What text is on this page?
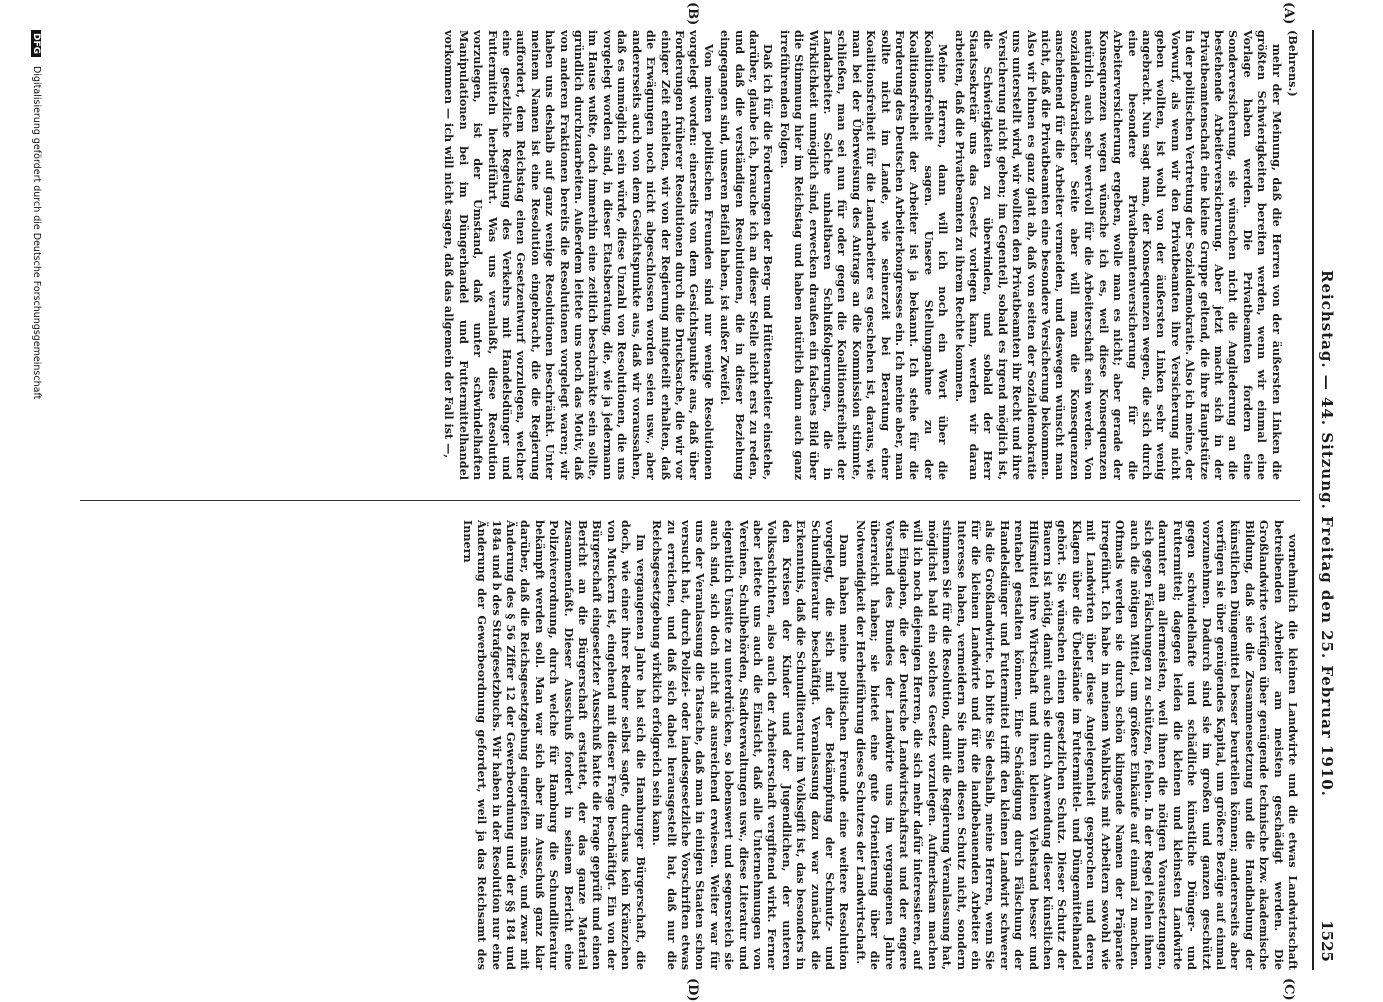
Reichstag. — 44. Sitzung. Freitag den 25. Februar 1910.
1525
(A)
(B)
(C)
(D)

(Behrens.)

mehr der Meinung, daß die Herren von der äußersten Linken die größten Schwierigkeiten bereiten werden, wenn wir einmal eine Vorlage haben werden. Die Privatbeamten fordern eine Sonderversicherung, sie wünschen nicht die Angliederung an die bestehende Arbeiterversicherung. Aber jetzt macht sich in der Privatbeamtenschaft eine kleine Gruppe geltend, die ihre Hauptstütze in der politischen Vertretung der Sozialdemokratie. Also ich meine, der Vorwurf, als wenn wir den Privatbeamten ihre Versicherung nicht geben wollten, ist wohl von der äußersten Linken sehr wenig angebracht. Nun sagt man, der Konsequenzen wegen, die sich durch eine besondere Privatbeamtenversicherung für die Arbeiterversicherung ergeben, wolle man es nicht; aber gerade der Konsequenzen wegen wünsche ich es, weil diese Konsequenzen natürlich auch sehr wertvoll für die Arbeiterschaft sein werden. Von sozialdemokratischer Seite aber will man die Konsequenzen anscheinend für die Arbeiter vermeiden, und deswegen wünscht man nicht, daß die Privatbeamten eine besondere Versicherung bekommen. Also wir lehnen es ganz glatt ab, daß von seiten der Sozialdemokratie uns unterstellt wird, wir wollten den Privatbeamten ihr Recht und ihre Versicherung nicht geben; im Gegenteil, sobald es irgend möglich ist, die Schwierigkeiten zu überwinden, und sobald der Herr Staatssekretär uns das Gesetz vorlegen kann, werden wir daran arbeiten, daß die Privatbeamten zu ihrem Rechte kommen.

Meine Herren, dann will ich noch ein Wort über die Koalitionsfreiheit sagen. Unsere Stellungnahme zu der Koalitionsfreiheit der Arbeiter ist ja bekannt. Ich stehe für die Forderung des Deutschen Arbeiterkongresses ein. Ich meine aber, man sollte nicht im Lande, wie seinerzeit bei Beratung einer Koalitionsfreiheit für die Landarbeiter es geschehen ist, daraus, wie man bei der Überweisung des Antrags an die Kommission stimmte, schließen, man sei nun für oder gegen die Koalitionsfreiheit der Landarbeiter. Solche unhaltbaren Schlußfolgerungen, die in Wirklichkeit unmöglich sind, erwecken draußen ein falsches Bild über die Stimmung hier im Reichstag und haben natürlich dann auch ganz irreführenden Folgen.

Daß ich für die Forderungen der Berg- und Hüttenarbeiter einstehe, darüber, glaube ich, brauche ich an dieser Stelle nicht erst zu reden, und daß die verständigen Resolutionen, die in dieser Beziehung eingegangen sind, unseren Beifall haben, ist außer Zweifel.

Von meinen politischen Freunden sind nur wenige Resolutionen vorgelegt worden: einerseits von dem Gesichtspunkte aus, daß über Forderungen früherer Resolutionen durch die Drucksache, die wir vor einiger Zeit erhielten, wir von der Regierung mitgeteilt erhalten, daß die Erwägungen noch nicht abgeschlossen worden seien usw., aber andererseits auch von dem Gesichtspunkte aus, daß wir voraussahen, daß es unmöglich sein würde, diese Unzahl von Resolutionen, die uns vorgelegt worden sind, in dieser Etatsberatung, die, wie ja jedermann im Hause wußte, doch immerhin eine zeitlich beschränkte sein sollte, gründlich durchzuarbeiten. Außerdem leitete uns noch das Motiv, daß von anderen Fraktionen bereits die Resolutionen vorgelegt waren; wir haben uns deshalb auf ganz wenige Resolutionen beschränkt. Unter meinem Namen ist eine Resolution eingebracht, die die Regierung auffordert, dem Reichstag einen Gesetzentwurf vorzulegen, welcher eine gesetzliche Regelung des Verkehrs mit Handelsdünger und Futtermitteln herbeiführt. Was uns veranlaßt, diese Resolution vorzulegen, ist der Umstand, daß unter schwindelhaften Manipulationen bei im Düngerhandel und Futtermittelhandel vorkommen — ich will nicht sagen, daß das allgemein der Fall ist —,

vornehmlich die kleinen Landwirte und die etwas Landwirtschaft betreibenden Arbeiter am meisten geschädigt werden. Die Großlandwirte verfügen über genügende technische bzw. akademische Bildung, daß sie die Zusammensetzung und die Handhabung der künstlichen Düngemittel besser beurteilen können; andererseits aber verfügen sie über genügendes Kapital, um größere Bezüge auf einmal vorzunehmen. Dadurch sind sie im großen und ganzen geschützt gegen schwindelhafte und schädliche künstliche Dünger- und Futtermittel; dagegen leiden die kleinen und kleinsten Landwirte darunter am allermeisten, weil ihnen die nötigen Voraussetzungen, sich gegen Fälschungen zu schützen, fehlen. In der Regel fehlen ihnen auch die nötigen Mittel, um größere Einkäufe auf einmal zu machen. Oftmals werden sie durch schön klingende Namen der Präparate irregeführt. Ich habe in meinem Wahlkreis mit Arbeitern sowohl wie mit Landwirten über diese Angelegenheit gesprochen und deren Klagen über die Übelstände im Futtermittel- und Düngemittelhandel gehört. Sie wünschen einen gesetzlichen Schutz. Dieser Schutz der Bauern ist nötig, damit auch sie durch Anwendung dieser künstlichen Hilfsmittel ihre Wirtschaft und ihren kleinen Viehstand besser und rentabel gestalten können. Eine Schädigung durch Fälschung der Handelsdünger und Futtermittel trifft den kleinen Landwirt schwerer als die Großlandwirte. Ich bitte Sie deshalb, meine Herren, wenn Sie für die kleinen Landwirte und für die landbebauenden Arbeiter ein Interesse haben, vermeidern Sie ihnen diesen Schutz nicht, sondern stimmen Sie für die Resolution, damit die Regierung Veranlassung hat, möglichst bald ein solches Gesetz vorzulegen. Aufmerksam machen will ich noch diejenigen Herren, die sich mehr dafür interessieren, auf die Eingaben, die der Deutsche Landwirtschaftsrat und der engere Vorstand des Bundes der Landwirte uns im vergangenen Jahre überreicht haben; sie bietet eine gute Orientierung über die Notwendigkeit der Herbeiführung dieses Schutzes der Landwirtschaft.

Dann haben meine politischen Freunde eine weitere Resolution vorgelegt, die sich mit der Bekämpfung der Schmutz- und Schundliteratur beschäftigt. Veranlassung dazu war zunächst die Erkenntnis, daß die Schundliteratur im Volksgift ist, das besonders in den Kreisen der Kinder und der Jugendlichen, der unteren Volksschichten, also auch der Arbeiterschaft vergiftend wirkt. Ferner aber leitete uns auch die Einsicht, daß alle Unternehmungen von Vereinen, Schulbehörden, Stadtverwaltungen usw., diese Literatur und eigentlich Unsitte zu unterdrücken, so lobenswert und segensreich sie auch sind, sich doch nicht als ausreichend erwiesen. Weiter war für uns der Veranlassung die Tatsache, daß man in einigen Staaten schon versucht hat, durch Polizei- oder landesgesetzliche Vorschriften etwas zu erreichen, und daß sich dabei herausgestellt hat, daß nur die Reichsgesetzgebung wirklich erfolgreich sein kann.

Im vergangenen Jahre hat sich die Hamburger Bürgerschaft, die doch, wie einer ihrer Redner selbst sagte, durchaus kein Kränzchen von Muckern ist, eingehend mit dieser Frage beschäftigt. Ein von der Bürgerschaft eingesetzter Ausschuß hatte die Frage geprüft und einen Bericht an die Bürgerschaft erstattet, der das ganze Material zusammenfaßt. Dieser Ausschuß fordert in seinem Bericht eine Polizeiverordnung, durch welche für Hamburg die Schundliteratur bekämpft werden soll. Man war sich aber im Ausschuß ganz klar darüber, daß die Reichsgesetzgebung eingreifen müsse, und zwar mit Änderung des § 56 Ziffer 12 der Gewerbeordnung und der §§ 184 und 184a und b des Strafgesetzbuchs. Wir haben in der Resolution nur eine Änderung der Gewerbeordnung gefordert, weil ja das Reichsamt des Innern

DFG Digitalisierung gefördert durch die Deutsche Forschungsgemeinschaft
